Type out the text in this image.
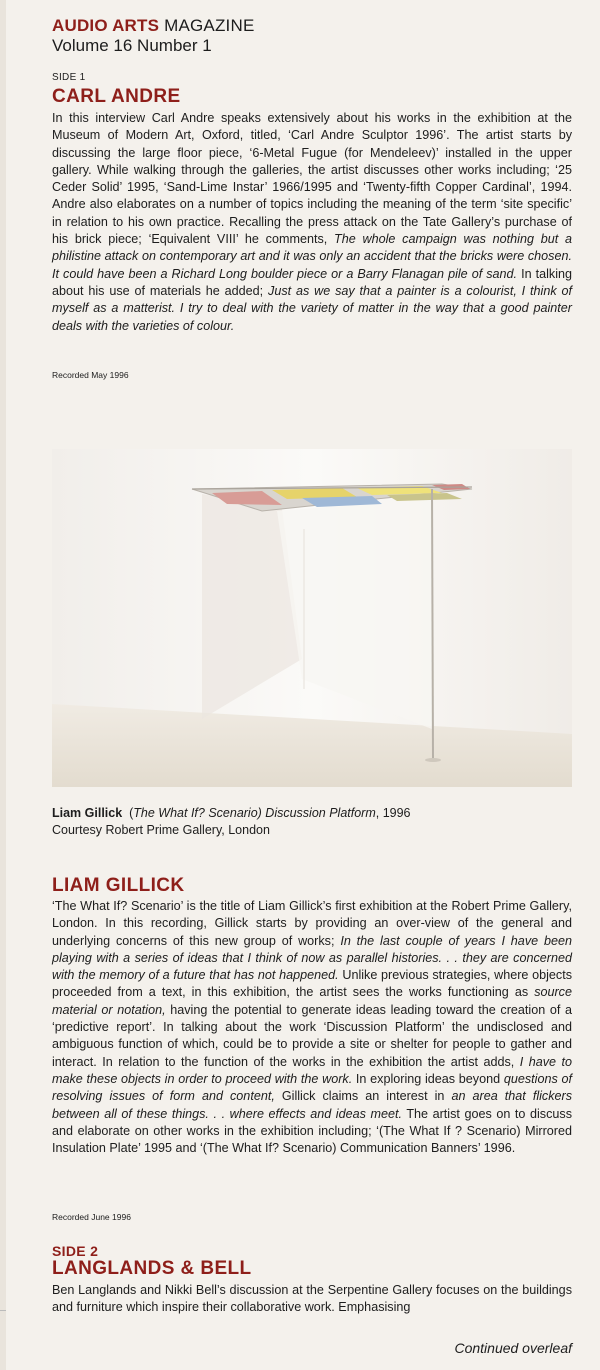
AUDIO ARTS MAGAZINE
Volume 16 Number 1
SIDE 1
CARL ANDRE
In this interview Carl Andre speaks extensively about his works in the exhibition at the Museum of Modern Art, Oxford, titled, ‘Carl Andre Sculptor 1996’. The artist starts by discussing the large floor piece, ‘6-Metal Fugue (for Mendeleev)’ installed in the upper gallery. While walking through the galleries, the artist discusses other works including; ‘25 Ceder Solid’ 1995, ‘Sand-Lime Instar’ 1966/1995 and ‘Twenty-fifth Copper Cardinal’, 1994. Andre also elaborates on a number of topics including the meaning of the term ‘site specific’ in relation to his own practice. Recalling the press attack on the Tate Gallery’s purchase of his brick piece; ‘Equivalent VIII’ he comments, The whole campaign was nothing but a philistine attack on contemporary art and it was only an accident that the bricks were chosen. It could have been a Richard Long boulder piece or a Barry Flanagan pile of sand. In talking about his use of materials he added; Just as we say that a painter is a colourist, I think of myself as a matterist. I try to deal with the variety of matter in the way that a good painter deals with the varieties of colour.
Recorded May 1996
Liam Gillick (The What If? Scenario) Discussion Platform, 1996
Courtesy Robert Prime Gallery, London
LIAM GILLICK
‘The What If? Scenario’ is the title of Liam Gillick’s first exhibition at the Robert Prime Gallery, London. In this recording, Gillick starts by providing an over-view of the general and underlying concerns of this new group of works; In the last couple of years I have been playing with a series of ideas that I think of now as parallel histories. . . they are concerned with the memory of a future that has not happened. Unlike previous strategies, where objects proceeded from a text, in this exhibition, the artist sees the works functioning as source material or notation, having the potential to generate ideas leading toward the creation of a ‘predictive report’. In talking about the work ‘Discussion Platform’ the undisclosed and ambiguous function of which, could be to provide a site or shelter for people to gather and interact. In relation to the function of the works in the exhibition the artist adds, I have to make these objects in order to proceed with the work. In exploring ideas beyond questions of resolving issues of form and content, Gillick claims an interest in an area that flickers between all of these things. . . where effects and ideas meet. The artist goes on to discuss and elaborate on other works in the exhibition including; ‘(The What If ? Scenario) Mirrored Insulation Plate’ 1995 and ‘(The What If? Scenario) Communication Banners’ 1996.
Recorded June 1996
SIDE 2
LANGLANDS & BELL
Ben Langlands and Nikki Bell’s discussion at the Serpentine Gallery focuses on the buildings and furniture which inspire their collaborative work. Emphasising
Continued overleaf
